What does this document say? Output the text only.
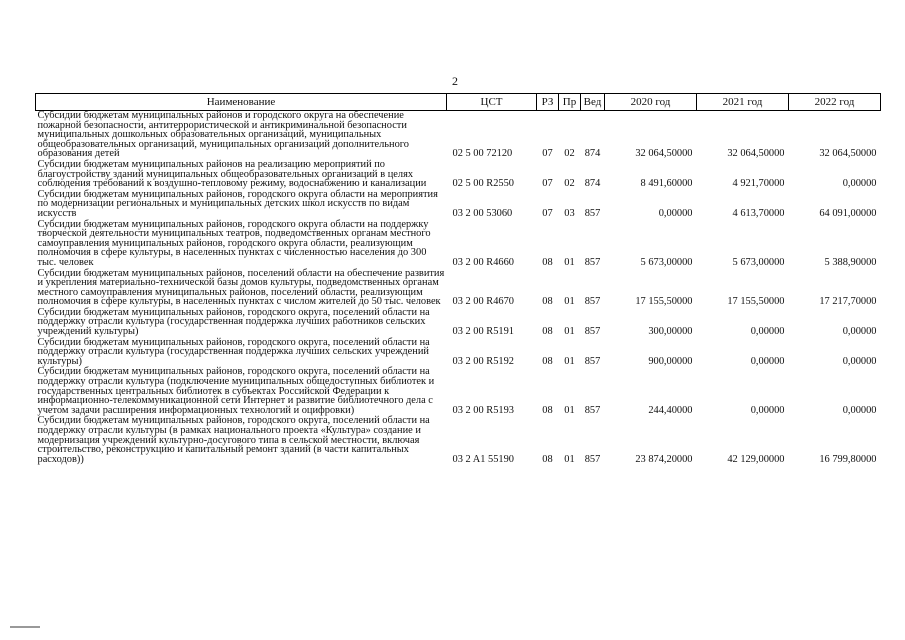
2
Наименование	ЦСТ	РЗ	Пр	Вед	2020 год	2021 год	2022 год
Субсидии бюджетам муниципальных районов и городского округа на обеспечение пожарной безопасности, антитеррористической и антикриминальной безопасности муниципальных дошкольных образовательных организаций, муниципальных общеобразовательных организаций, муниципальных организаций дополнительного образования детей	02 5 00 72120	07	02	874	32 064,50000	32 064,50000	32 064,50000
Субсидии бюджетам муниципальных районов на реализацию мероприятий по благоустройству зданий муниципальных общеобразовательных организаций в целях соблюдения требований к воздушно-тепловому режиму, водоснабжению и канализации	02 5 00 R2550	07	02	874	8 491,60000	4 921,70000	0,00000
Субсидии бюджетам муниципальных районов, городского округа области на мероприятия по модернизации региональных и муниципальных детских школ искусств по видам искусств	03 2 00 53060	07	03	857	0,00000	4 613,70000	64 091,00000
Субсидии бюджетам муниципальных районов, городского округа области на поддержку творческой деятельности муниципальных театров, подведомственных органам местного самоуправления муниципальных районов, городского округа области, реализующим полномочия в сфере культуры, в населенных пунктах с численностью населения до 300 тыс. человек	03 2 00 R4660	08	01	857	5 673,00000	5 673,00000	5 388,90000
Субсидии бюджетам муниципальных районов, поселений области на обеспечение развития и укрепления материально-технической базы домов культуры, подведомственных органам местного самоуправления муниципальных районов, поселений области, реализующим полномочия в сфере культуры, в населенных пунктах с числом жителей до 50 тыс. человек	03 2 00 R4670	08	01	857	17 155,50000	17 155,50000	17 217,70000
Субсидии бюджетам муниципальных районов, городского округа, поселений области на поддержку отрасли культура (государственная поддержка лучших работников сельских учреждений культуры)	03 2 00 R5191	08	01	857	300,00000	0,00000	0,00000
Субсидии бюджетам муниципальных районов, городского округа, поселений области на поддержку отрасли культура (государственная поддержка лучших сельских учреждений культуры)	03 2 00 R5192	08	01	857	900,00000	0,00000	0,00000
Субсидии бюджетам муниципальных районов, городского округа, поселений области на поддержку отрасли культура (подключение муниципальных общедоступных библиотек и государственных центральных библиотек в субъектах Российской Федерации к информационно-телекоммуникационной сети Интернет и развитие библиотечного дела с учетом задачи расширения информационных технологий и оцифровки)	03 2 00 R5193	08	01	857	244,40000	0,00000	0,00000
Субсидии бюджетам муниципальных районов, городского округа, поселений области на поддержку отрасли культуры (в рамках национального проекта «Культура» создание и модернизация учреждений культурно-досугового типа в сельской местности, включая строительство, реконструкцию и капитальный ремонт зданий (в части капитальных расходов))	03 2 A1 55190	08	01	857	23 874,20000	42 129,00000	16 799,80000
